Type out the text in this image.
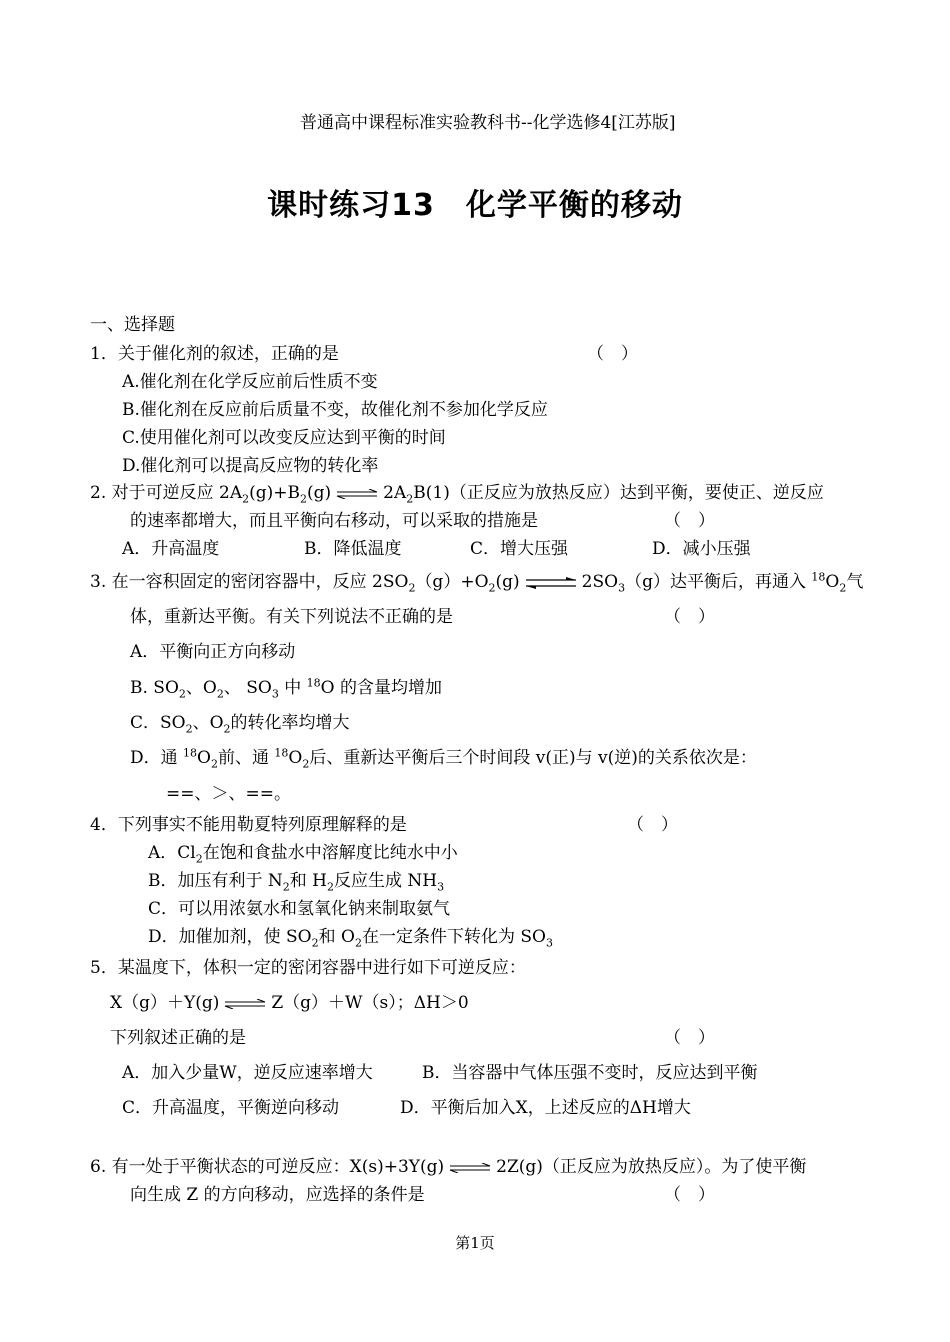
普通高中课程标准实验教科书--化学选修4[江苏版]
课时练习13　化学平衡的移动
一、选择题
1．关于催化剂的叙述，正确的是	（　）
A.催化剂在化学反应前后性质不变
B.催化剂在反应前后质量不变，故催化剂不参加化学反应
C.使用催化剂可以改变反应达到平衡的时间
D.催化剂可以提高反应物的转化率
2. 对于可逆反应 $2A_2(g)+B_2(g)$ ⇌ $2A_2B(1)$（正反应为放热反应）达到平衡，要使正、逆反应
的速率都增大，而且平衡向右移动，可以采取的措施是	（　）
A．升高温度	B．降低温度	C．增大压强	D．减小压强
3. 在一容积固定的密闭容器中，反应 $2SO_2(g)+O_2(g)$ ⇌ $2SO_3(g)$达平衡后，再通入 $^{18}O_2$气
体，重新达平衡。有关下列说法不正确的是	（　）
A．平衡向正方向移动
B. $SO_2$、$O_2$、 $SO_3$ 中 $^{18}$O 的含量均增加
C．$SO_2$、$O_2$的转化率均增大
D．通 $^{18}O_2$前、通 $^{18}O_2$后、重新达平衡后三个时间段 v(正)与 v(逆)的关系依次是：
==、＞、==。
4．下列事实不能用勒夏特列原理解释的是	（　）
A．$Cl_2$在饱和食盐水中溶解度比纯水中小
B．加压有利于 $N_2$和 $H_2$反应生成 $NH_3$
C．可以用浓氨水和氢氧化钠来制取氨气
D．加催加剂，使 $SO_2$和 $O_2$在一定条件下转化为 $SO_3$
5．某温度下，体积一定的密闭容器中进行如下可逆反应：
X（g）＋Y(g) ⇌ Z（g）＋W（s）；ΔH＞0
下列叙述正确的是	（　）
A．加入少量W，逆反应速率增大	B．当容器中气体压强不变时，反应达到平衡
C．升高温度，平衡逆向移动	D．平衡后加入X，上述反应的ΔH增大
6. 有一处于平衡状态的可逆反应：X(s)+3Y(g) ⇌ 2Z(g)（正反应为放热反应）。为了使平衡
向生成 Z 的方向移动，应选择的条件是	（　）
第1页
